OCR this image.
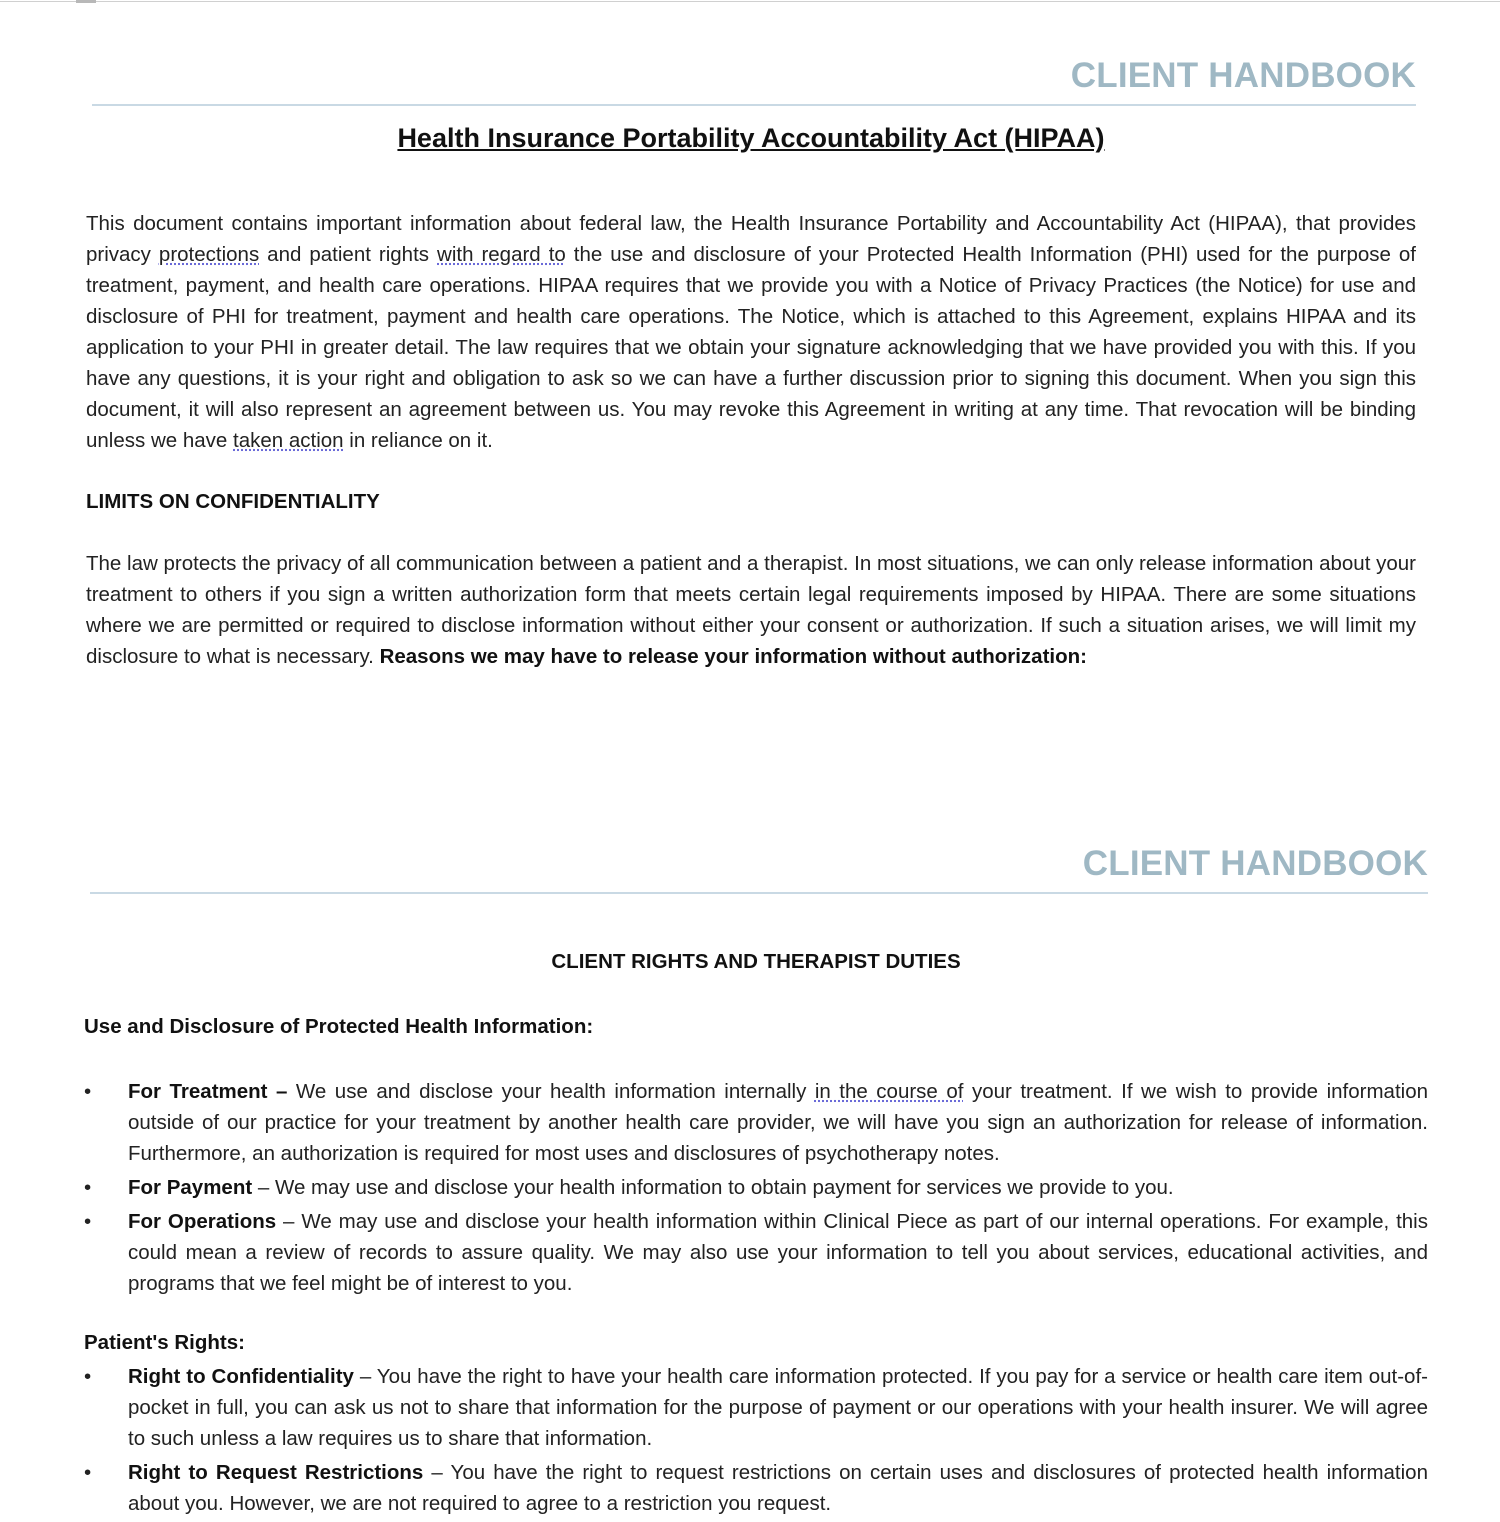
CLIENT HANDBOOK
Health Insurance Portability Accountability Act (HIPAA)

This document contains important information about federal law, the Health Insurance Portability and Accountability Act (HIPAA), that provides privacy protections and patient rights with regard to the use and disclosure of your Protected Health Information (PHI) used for the purpose of treatment, payment, and health care operations. HIPAA requires that we provide you with a Notice of Privacy Practices (the Notice) for use and disclosure of PHI for treatment, payment and health care operations. The Notice, which is attached to this Agreement, explains HIPAA and its application to your PHI in greater detail. The law requires that we obtain your signature acknowledging that we have provided you with this. If you have any questions, it is your right and obligation to ask so we can have a further discussion prior to signing this document. When you sign this document, it will also represent an agreement between us. You may revoke this Agreement in writing at any time. That revocation will be binding unless we have taken action in reliance on it.

LIMITS ON CONFIDENTIALITY

The law protects the privacy of all communication between a patient and a therapist. In most situations, we can only release information about your treatment to others if you sign a written authorization form that meets certain legal requirements imposed by HIPAA. There are some situations where we are permitted or required to disclose information without either your consent or authorization. If such a situation arises, we will limit my disclosure to what is necessary. Reasons we may have to release your information without authorization:

CLIENT HANDBOOK

CLIENT RIGHTS AND THERAPIST DUTIES

Use and Disclosure of Protected Health Information:

• For Treatment – We use and disclose your health information internally in the course of your treatment. If we wish to provide information outside of our practice for your treatment by another health care provider, we will have you sign an authorization for release of information. Furthermore, an authorization is required for most uses and disclosures of psychotherapy notes.
• For Payment – We may use and disclose your health information to obtain payment for services we provide to you.
• For Operations – We may use and disclose your health information within Clinical Piece as part of our internal operations. For example, this could mean a review of records to assure quality. We may also use your information to tell you about services, educational activities, and programs that we feel might be of interest to you.

Patient's Rights:

• Right to Confidentiality – You have the right to have your health care information protected. If you pay for a service or health care item out-of-pocket in full, you can ask us not to share that information for the purpose of payment or our operations with your health insurer. We will agree to such unless a law requires us to share that information.
• Right to Request Restrictions – You have the right to request restrictions on certain uses and disclosures of protected health information about you. However, we are not required to agree to a restriction you request.
